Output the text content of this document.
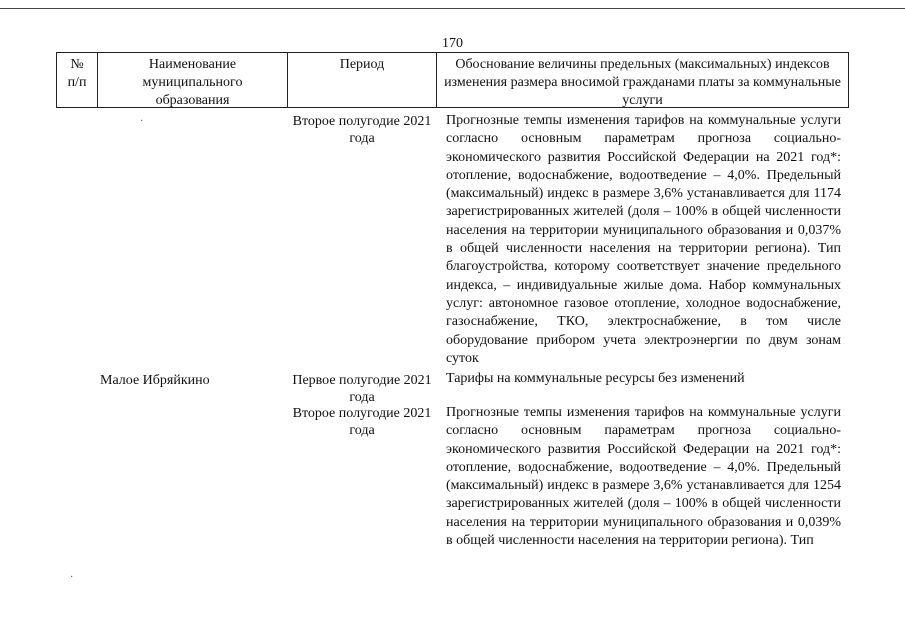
170
№
п/п
Наименование муниципального образования
Период	Обоснование величины предельных (максимальных) индексов изменения размера вносимой гражданами платы за коммунальные услуги
Второе полугодие 2021 года
Прогнозные темпы изменения тарифов на коммунальные услуги согласно основным параметрам прогноза социально-экономического развития Российской Федерации на 2021 год*: отопление, водоснабжение, водоотведение – 4,0%. Предельный (максимальный) индекс в размере 3,6% устанавливается для 1174 зарегистрированных жителей (доля – 100% в общей численности населения на территории муниципального образования и 0,037% в общей численности населения на территории региона). Тип благоустройства, которому соответствует значение предельного индекса, – индивидуальные жилые дома. Набор коммунальных услуг: автономное газовое отопление, холодное водоснабжение, газоснабжение, ТКО, электроснабжение, в том числе оборудование прибором учета электроэнергии по двум зонам суток
Малое Ибряйкино	Первое полугодие 2021 года
Тарифы на коммунальные ресурсы без изменений
Второе полугодие 2021 года
Прогнозные темпы изменения тарифов на коммунальные услуги согласно основным параметрам прогноза социально-экономического развития Российской Федерации на 2021 год*: отопление, водоснабжение, водоотведение – 4,0%. Предельный (максимальный) индекс в размере 3,6% устанавливается для 1254 зарегистрированных жителей (доля – 100% в общей численности населения на территории муниципального образования и 0,039% в общей численности населения на территории региона). Тип
·
·
